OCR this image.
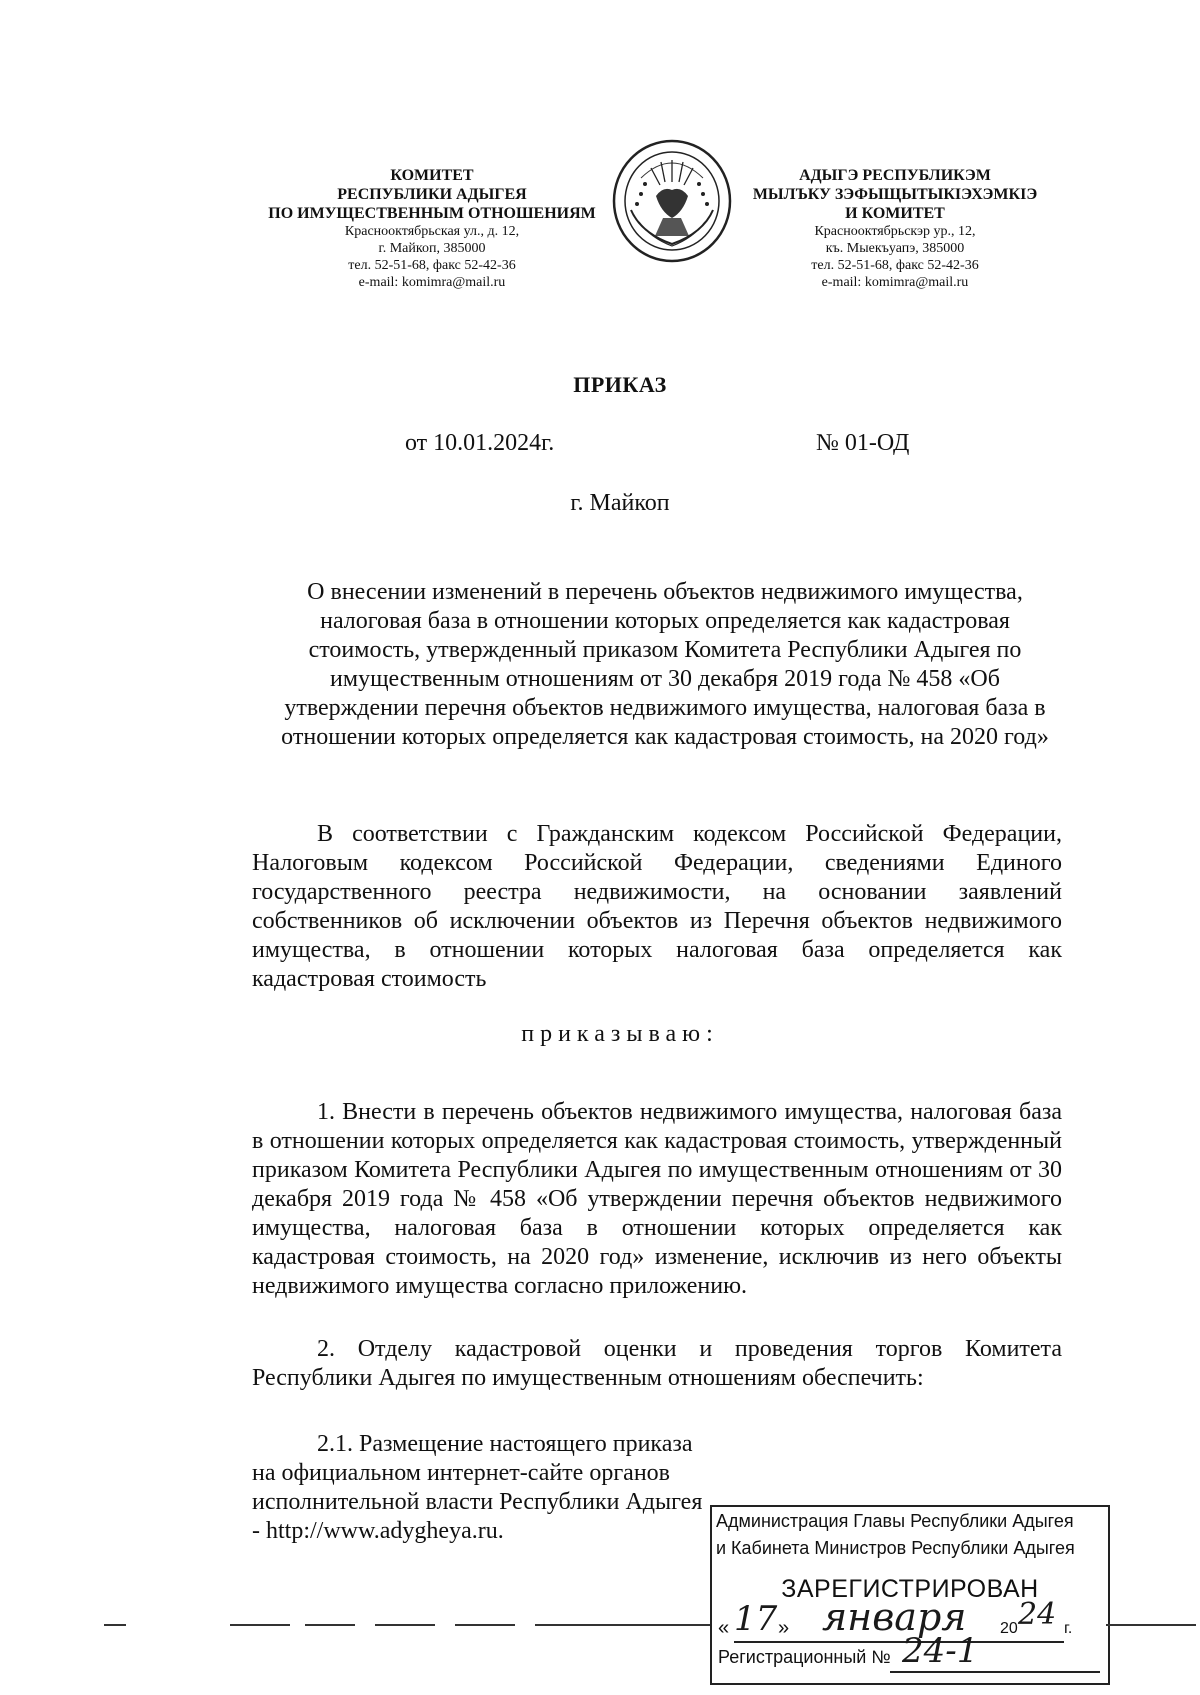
КОМИТЕТ
РЕСПУБЛИКИ АДЫГЕЯ
ПО ИМУЩЕСТВЕННЫМ ОТНОШЕНИЯМ
Краснооктябрьская ул., д. 12,
г. Майкоп, 385000
тел. 52-51-68, факс 52-42-36
e-mail: komimra@mail.ru
АДЫГЭ РЕСПУБЛИКЭМ
МЫЛЪКУ ЗЭФЫЩЫТЫКIЭХЭМКIЭ
И КОМИТЕТ
Краснооктябрьскэр ур., 12,
къ. Мыекъуапэ, 385000
тел. 52-51-68, факс 52-42-36
e-mail: komimra@mail.ru
ПРИКАЗ
от 10.01.2024г.	№ 01-ОД
г. Майкоп
О внесении изменений в перечень объектов недвижимого имущества, налоговая база в отношении которых определяется как кадастровая стоимость, утвержденный приказом Комитета Республики Адыгея по имущественным отношениям от 30 декабря 2019 года № 458 «Об утверждении перечня объектов недвижимого имущества, налоговая база в отношении которых определяется как кадастровая стоимость, на 2020 год»
В соответствии с Гражданским кодексом Российской Федерации, Налоговым кодексом Российской Федерации, сведениями Единого государственного реестра недвижимости, на основании заявлений собственников об исключении объектов из Перечня объектов недвижимого имущества, в отношении которых налоговая база определяется как кадастровая стоимость
приказываю:
1. Внести в перечень объектов недвижимого имущества, налоговая база в отношении которых определяется как кадастровая стоимость, утвержденный приказом Комитета Республики Адыгея по имущественным отношениям от 30 декабря 2019 года № 458 «Об утверждении перечня объектов недвижимого имущества, налоговая база в отношении которых определяется как кадастровая стоимость, на 2020 год» изменение, исключив из него объекты недвижимого имущества согласно приложению.
2. Отделу кадастровой оценки и проведения торгов Комитета Республики Адыгея по имущественным отношениям обеспечить:
2.1. Размещение настоящего приказа на официальном интернет-сайте органов исполнительной власти Республики Адыгея - http://www.adygheya.ru.	Администрация Главы Республики Адыгея
и Кабинета Министров Республики Адыгея
ЗАРЕГИСТРИРОВАН
« 17 » января 20 24 г.
Регистрационный № 24-1
